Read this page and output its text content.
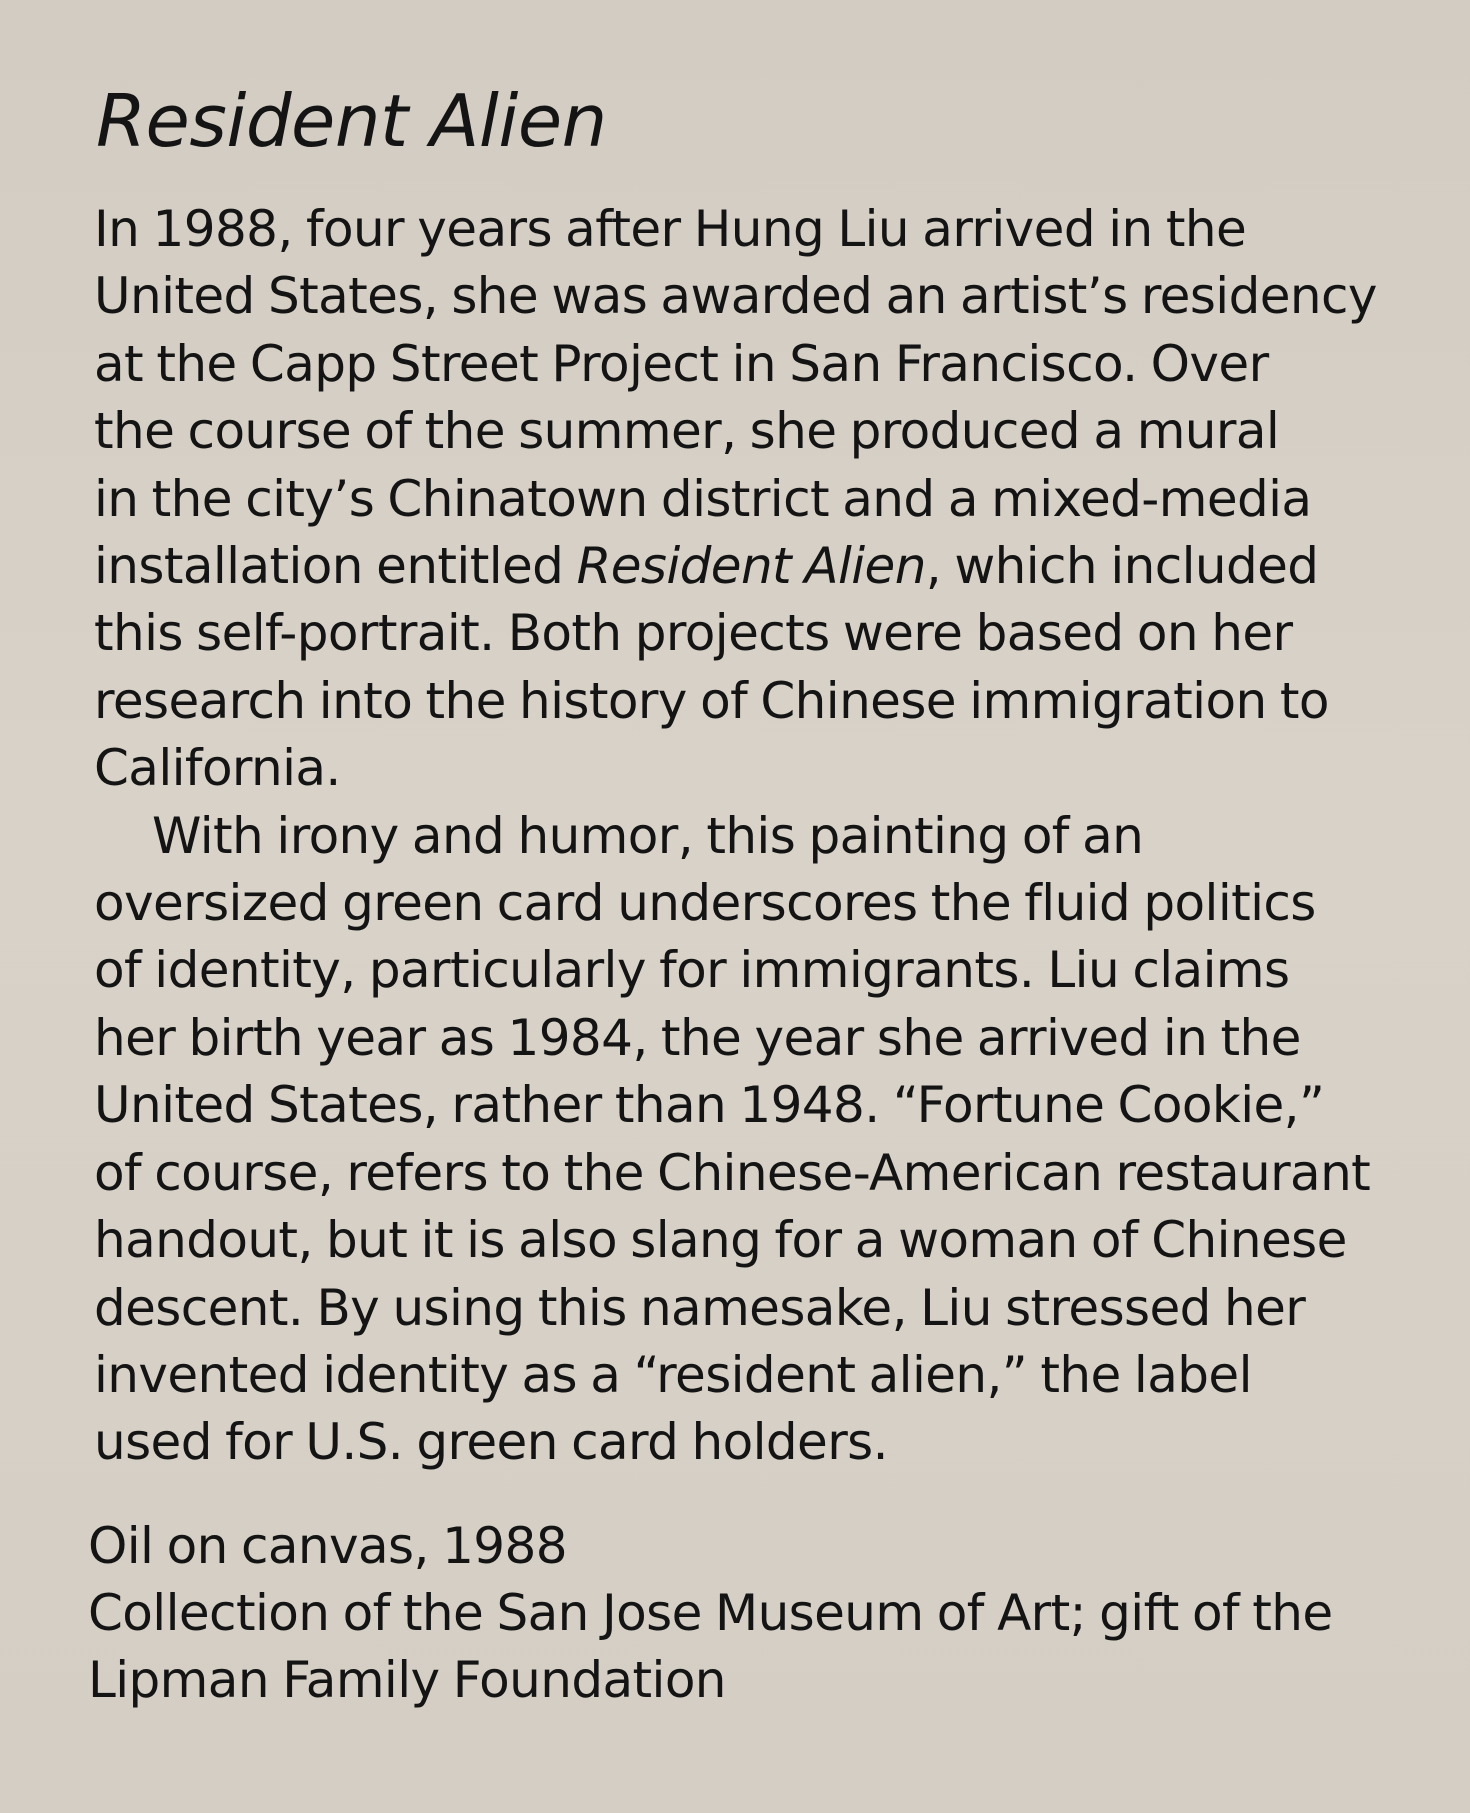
Resident Alien
In 1988, four years after Hung Liu arrived in the
United States, she was awarded an artist’s residency
at the Capp Street Project in San Francisco. Over
the course of the summer, she produced a mural
in the city’s Chinatown district and a mixed-media
installation entitled Resident Alien, which included
this self-portrait. Both projects were based on her
research into the history of Chinese immigration to
California.
With irony and humor, this painting of an
oversized green card underscores the fluid politics
of identity, particularly for immigrants. Liu claims
her birth year as 1984, the year she arrived in the
United States, rather than 1948. “Fortune Cookie,”
of course, refers to the Chinese-American restaurant
handout, but it is also slang for a woman of Chinese
descent. By using this namesake, Liu stressed her
invented identity as a “resident alien,” the label
used for U.S. green card holders.
Oil on canvas, 1988
Collection of the San Jose Museum of Art; gift of the
Lipman Family Foundation
